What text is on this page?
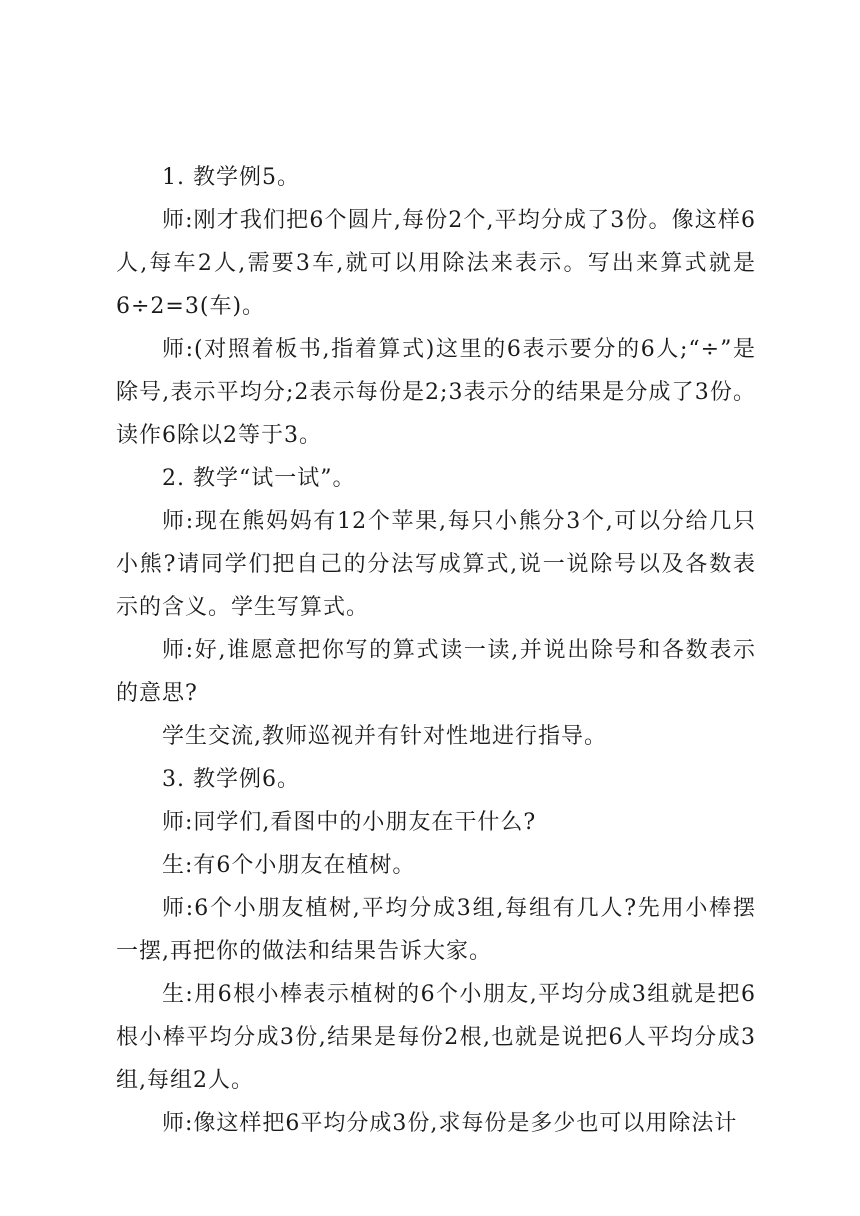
1. 教学例5。

师:刚才我们把6个圆片,每份2个,平均分成了3份。像这样6人,每车2人,需要3车,就可以用除法来表示。写出来算式就是6÷2=3(车)。

师:(对照着板书,指着算式)这里的6表示要分的6人;“÷”是除号,表示平均分;2表示每份是2;3表示分的结果是分成了3份。读作6除以2等于3。

2. 教学“试一试”。

师:现在熊妈妈有12个苹果,每只小熊分3个,可以分给几只小熊?请同学们把自己的分法写成算式,说一说除号以及各数表示的含义。学生写算式。

师:好,谁愿意把你写的算式读一读,并说出除号和各数表示的意思?

学生交流,教师巡视并有针对性地进行指导。

3. 教学例6。

师:同学们,看图中的小朋友在干什么?

生:有6个小朋友在植树。

师:6个小朋友植树,平均分成3组,每组有几人?先用小棒摆一摆,再把你的做法和结果告诉大家。

生:用6根小棒表示植树的6个小朋友,平均分成3组就是把6根小棒平均分成3份,结果是每份2根,也就是说把6人平均分成3组,每组2人。

师:像这样把6平均分成3份,求每份是多少也可以用除法计
